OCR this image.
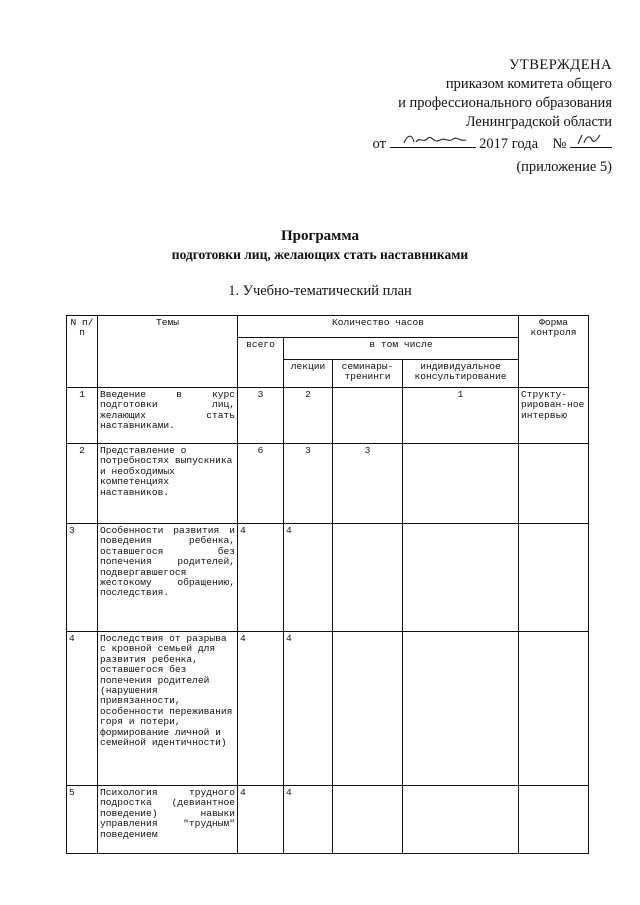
УТВЕРЖДЕНА
приказом комитета общего
и профессионального образования
Ленинградской области
от	2017 года №
(приложение 5)
Программа
подготовки лиц, желающих стать наставниками
1. Учебно-тематический план
N п/п	Темы	Количество часов				Форма контроля
		всего	в том числе			
			лекции	семинары-тренинги	индивидуальное консультирование	
1	Введение в курс подготовки лиц, желающих стать наставниками.	3	2		1	Структу-рирован-ное интервью
2	Представление о потребностях выпускника и необходимых компетенциях наставников.	6	3	3		
3	Особенности развития и поведения ребенка, оставшегося без попечения родителей, подвергавшегося жестокому обращению, последствия.	4	4			
4	Последствия от разрыва с кровной семьей для развития ребенка, оставшегося без попечения родителей (нарушения привязанности, особенности переживания горя и потери, формирование личной и семейной идентичности)	4	4			
5	Психология трудного подростка (девиантное поведение) навыки управления "трудным" поведением	4	4			
